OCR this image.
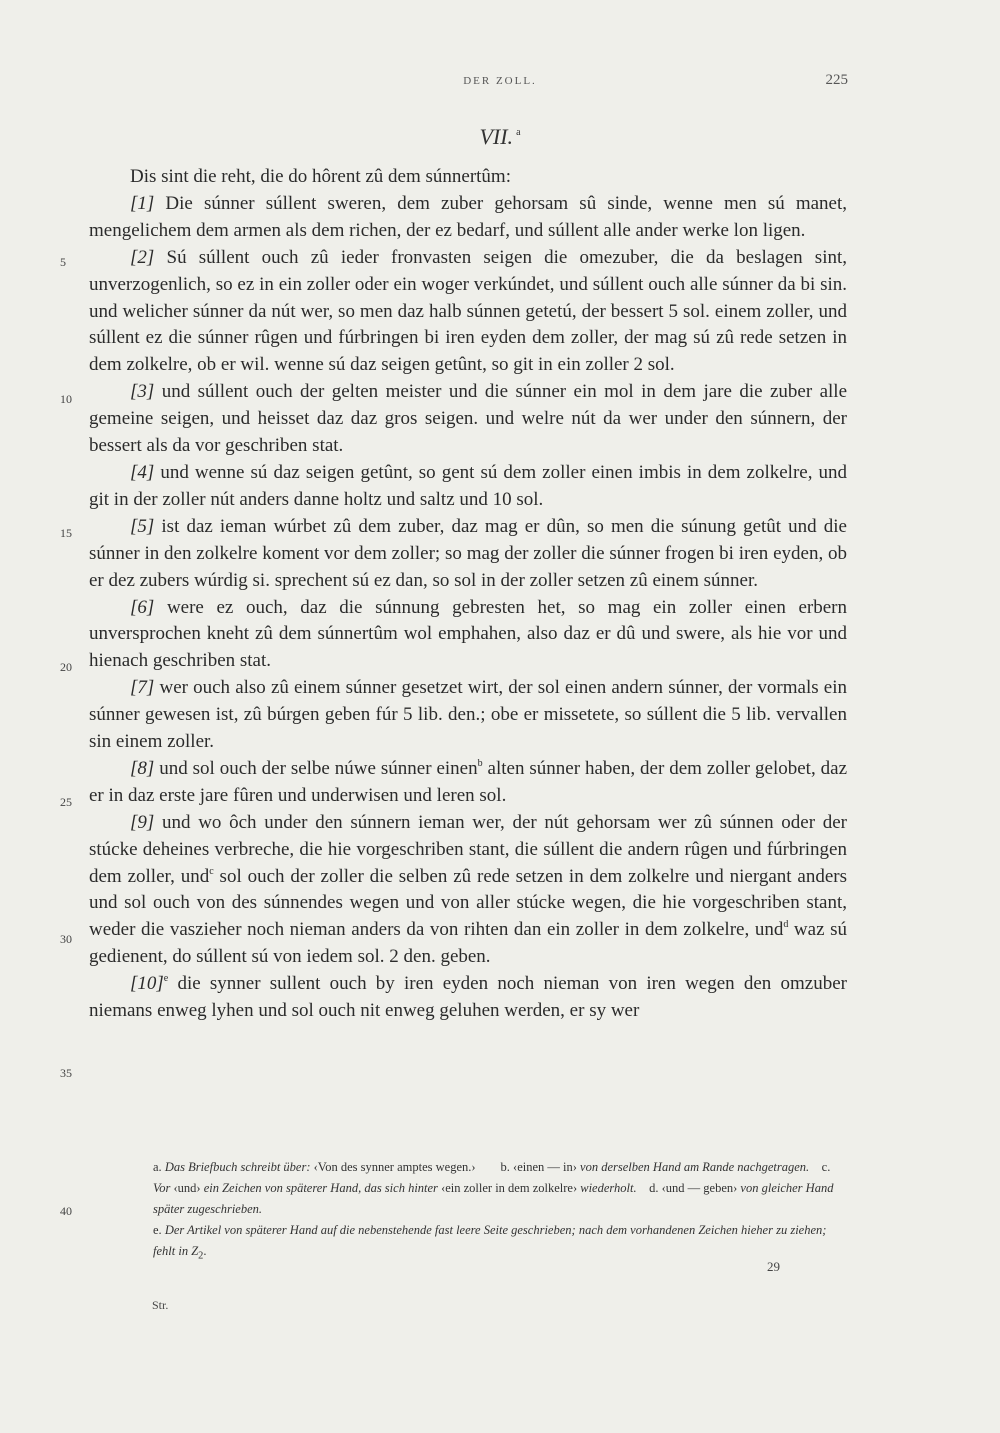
DER ZOLL.	225
VII. $^a$
5
10
15
20
25
30
35
40

Dis sint die reht, die do hôrent zû dem súnnertûm:

[1] Die súnner súllent sweren, dem zuber gehorsam sû sinde, wenne men sú manet, mengelichem dem armen als dem richen, der ez bedarf, und súllent alle ander werke lon ligen.

[2] Sú súllent ouch zû ieder fronvasten seigen die omezuber, die da beslagen sint, unverzogenlich, so ez in ein zoller oder ein woger verkúndet, und súllent ouch alle súnner da bi sin. und welicher súnner da nút wer, so men daz halb súnnen getetú, der bessert 5 sol. einem zoller, und súllent ez die súnner rûgen und fúrbringen bi iren eyden dem zoller, der mag sú zû rede setzen in dem zolkelre, ob er wil. wenne sú daz seigen getûnt, so git in ein zoller 2 sol.

[3] und súllent ouch der gelten meister und die súnner ein mol in dem jare die zuber alle gemeine seigen, und heisset daz daz gros seigen. und welre nút da wer under den súnnern, der bessert als da vor geschriben stat.

[4] und wenne sú daz seigen getûnt, so gent sú dem zoller einen imbis in dem zolkelre, und git in der zoller nút anders danne holtz und saltz und 10 sol.

[5] ist daz ieman wúrbet zû dem zuber, daz mag er dûn, so men die súnung getût und die súnner in den zolkelre koment vor dem zoller; so mag der zoller die súnner frogen bi iren eyden, ob er dez zubers wúrdig si. sprechent sú ez dan, so sol in der zoller setzen zû einem súnner.

[6] were ez ouch, daz die súnnung gebresten het, so mag ein zoller einen erbern unversprochen kneht zû dem súnnertûm wol emphahen, also daz er dû und swere, als hie vor und hienach geschriben stat.

[7] wer ouch also zû einem súnner gesetzet wirt, der sol einen andern súnner, der vormals ein súnner gewesen ist, zû búrgen geben fúr 5 lib. den.; obe er missetete, so súllent die 5 lib. vervallen sin einem zoller.

[8] und sol ouch der selbe núwe súnner einen$^b$ alten súnner haben, der dem zoller gelobet, daz er in daz erste jare fûren und underwisen und leren sol.

[9] und wo ôch under den súnnern ieman wer, der nút gehorsam wer zû súnnen oder der stúcke deheines verbreche, die hie vorgeschriben stant, die súllent die andern rûgen und fúrbringen dem zoller, und$^c$ sol ouch der zoller die selben zû rede setzen in dem zolkelre und niergant anders und sol ouch von des súnnendes wegen und von aller stúcke wegen, die hie vorgeschriben stant, weder die vaszieher noch nieman anders da von rihten dan ein zoller in dem zolkelre, und$^d$ waz sú gedienent, do súllent sú von iedem sol. 2 den. geben.

$[10]^e$ die synner sullent ouch by iren eyden noch nieman von iren wegen den omzuber niemans enweg lyhen und sol ouch nit enweg geluhen werden, er sy wer

a. Das Briefbuch schreibt über: ‹Von des synner amptes wegen.› b. ‹einen — in› von derselben Hand am Rande nachgetragen. c. Vor ‹und› ein Zeichen von späterer Hand, das sich hinter ‹ein zoller in dem zolkelre› wiederholt. d. ‹und — geben› von gleicher Hand später zugeschrieben.

e. Der Artikel von späterer Hand auf die nebenstehende fast leere Seite geschrieben; nach dem vorhandenen Zeichen hieher zu ziehen; fehlt in $Z_2$.

29
Str.
